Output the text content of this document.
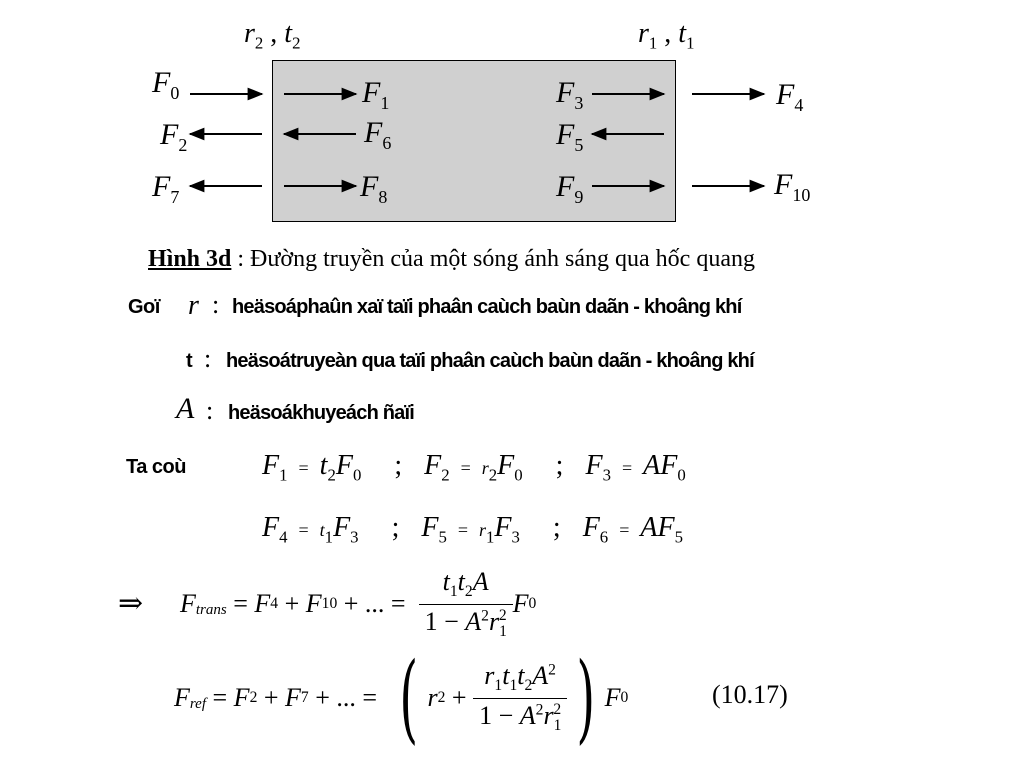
$r_2$ , $t_2$	$r_1$ , $t_1$
$F_0$	$F_1$	$F_3$	$F_4$
$F_2$	$F_6$	$F_5$
$F_7$	$F_8$	$F_9$	$F_{10}$
Hình 3d : Đường truyền của một sóng ánh sáng qua hốc quang
Goï r : heäsoáphaûn xaï taïi phaân caùch baùn daãn - khoâng khí
t : heäsoátruyeàn qua taïi phaân caùch baùn daãn - khoâng khí
A : heäsoákhuyeách ñaïi
Ta coù	$F_1 = t_2F_0$   ;  $F_2 = r_2F_0$   ;  $F_3 = AF_0$
$F_4 = t_1F_3$   ;  $F_5 = r_1F_3$   ;  $F_6 = AF_5$
⇒ $F_{trans} = F$ 4 + F 10 + ... = $\frac{t_1t_2A}{1 - A^2r_1^2}$ F 0
$F_{ref} = F$ 2 + F 7 + ... = ( r $2 + \frac{r_1t_1t_2A^2}{1 - A^2r_1^2}$ ) F 0	(10.17)
